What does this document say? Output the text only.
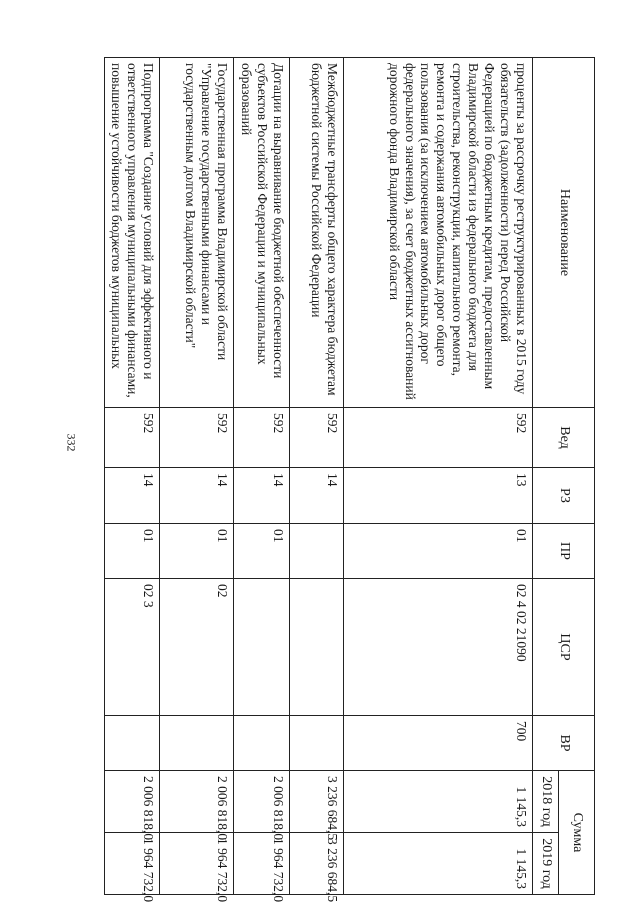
332
Наименование	Вед	РЗ	ПР	ЦСР	ВР	Сумма	
						2018 год	2019 год
проценты за рассрочку реструктурированных в 2015 году обязательств (задолженности) перед Российской Федерацией по бюджетным кредитам, предоставленным Владимирской области из федерального бюджета для строительства, реконструкции, капитального ремонта, ремонта и содержания автомобильных дорог общего пользования (за исключением автомобильных дорог федерального значения), за счет бюджетных ассигнований дорожного фонда Владимирской области	592	13	01	02 4 02 21090	700	1 145,3	1 145,3
Межбюджетные трансферты общего характера бюджетам бюджетной системы Российской Федерации	592	14				3 236 684,5	3 236 684,5
Дотации на выравнивание бюджетной обеспеченности субъектов Российской Федерации и муниципальных образований	592	14	01			2 006 818,0	1 964 732,0
Государственная программа Владимирской области "Управление государственными финансами и государственным долгом Владимирской области"	592	14	01	02		2 006 818,0	1 964 732,0
Подпрограмма "Создание условий для эффективного и ответственного управления муниципальными финансами, повышение устойчивости бюджетов муниципальных	592	14	01	02 3		2 006 818,0	1 964 732,0
